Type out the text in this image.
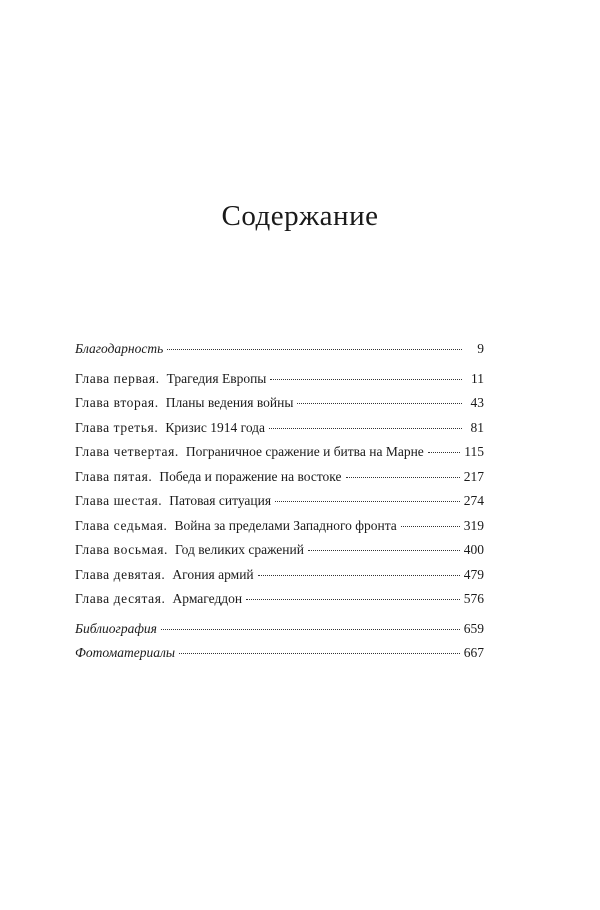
Содержание
Благодарность	9
Глава первая. Трагедия Европы	11
Глава вторая. Планы ведения войны	43
Глава третья. Кризис 1914 года	81
Глава четвертая. Пограничное сражение и битва на Марне	115
Глава пятая. Победа и поражение на востоке	217
Глава шестая. Патовая ситуация	274
Глава седьмая. Война за пределами Западного фронта	319
Глава восьмая. Год великих сражений	400
Глава девятая. Агония армий	479
Глава десятая. Армагеддон	576
Библиография	659
Фотоматериалы	667
